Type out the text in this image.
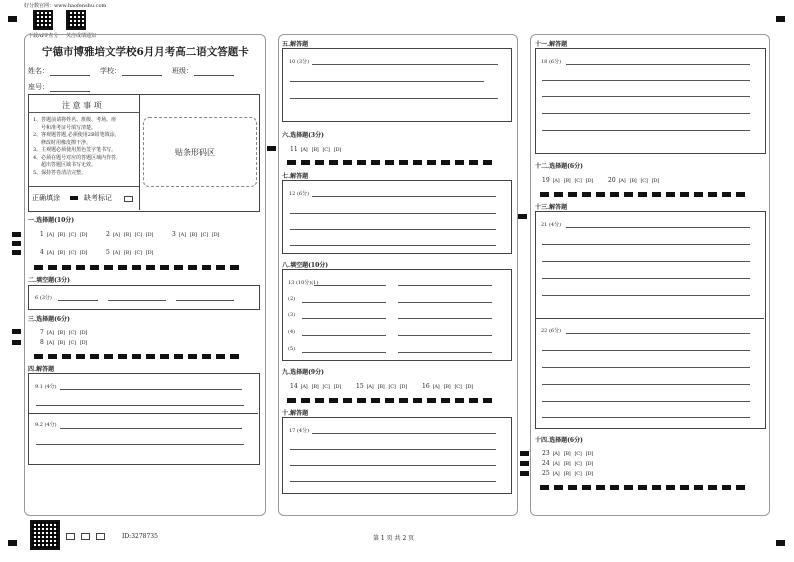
好分数官网：www.haofenshu.com
下载APP查分 关注成绩通知
宁德市博雅培文学校6月月考高二语文答题卡
姓名：	学校：	班级：
座号：
注 意 事 项
1、答题前请将姓名、班级、考场、座
号和准考证号填写清楚。
2、客观题答题,必须使用2B铅笔填涂,
修改时用橡皮擦干净。
3、主观题必须使用黑色签字笔书写。
4、必须在题号对应的答题区域内作答,
超出答题区域书写无效。
5、保持答卷清洁完整。
正确填涂	缺考标记
贴条形码区
一.选择题(10分)
1 [A] [B] [C] [D]	2 [A] [B] [C] [D]	3 [A] [B] [C] [D]
4 [A] [B] [C] [D]	5 [A] [B] [C] [D]
二.填空题(3分)
6 (3分)
三.选择题(6分)
7 [A] [B] [C] [D]
8 [A] [B] [C] [D]
四.解答题
9.1 (4分)
9.2 (4分)
五.解答题
10 (3分)
六.选择题(3分)
11 [A] [B] [C] [D]
七.解答题
12 (6分)
八.填空题(10分)
13 (10分)(1)
(2)
(3)
(4)
(5)
九.选择题(9分)
14 [A] [B] [C] [D]	15 [A] [B] [C] [D]	16 [A] [B] [C] [D]
十.解答题
17 (4分)
十一.解答题
18 (6分)
十二.选择题(6分)
19 [A] [B] [C] [D]	20 [A] [B] [C] [D]
十三.解答题
21 (4分)
22 (6分)
十四.选择题(6分)
23 [A] [B] [C] [D]
24 [A] [B] [C] [D]
25 [A] [B] [C] [D]
ID:3278735	第 1 页 共 2 页
